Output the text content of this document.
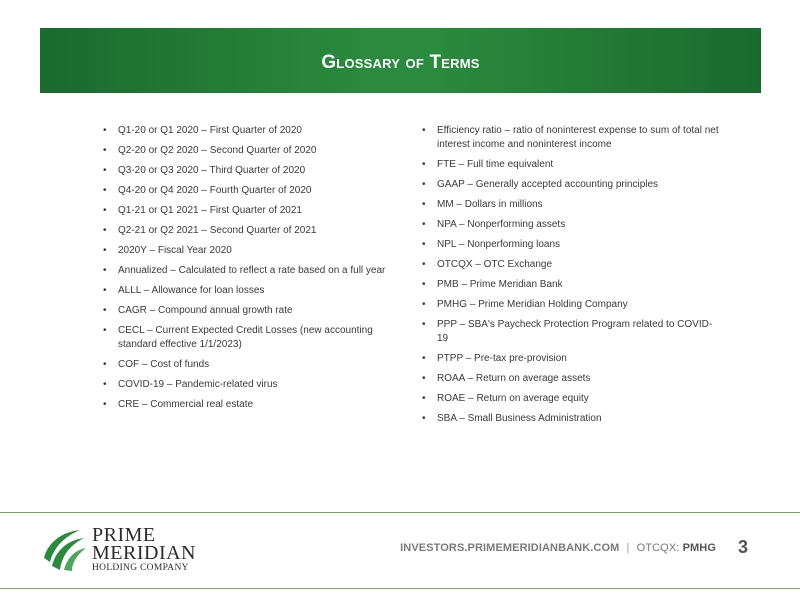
Glossary of Terms
• Q1-20 or Q1 2020 – First Quarter of 2020
• Q2-20 or Q2 2020 – Second Quarter of 2020
• Q3-20 or Q3 2020 – Third Quarter of 2020
• Q4-20 or Q4 2020 – Fourth Quarter of 2020
• Q1-21 or Q1 2021 – First Quarter of 2021
• Q2-21 or Q2 2021 – Second Quarter of 2021
• 2020Y – Fiscal Year 2020
• Annualized – Calculated to reflect a rate based on a full year
• ALLL – Allowance for loan losses
• CAGR – Compound annual growth rate
• CECL – Current Expected Credit Losses (new accounting standard effective 1/1/2023)
• COF – Cost of funds
• COVID-19 – Pandemic-related virus
• CRE – Commercial real estate
• Efficiency ratio – ratio of noninterest expense to sum of total net interest income and noninterest income
• FTE – Full time equivalent
• GAAP – Generally accepted accounting principles
• MM – Dollars in millions
• NPA – Nonperforming assets
• NPL – Nonperforming loans
• OTCQX – OTC Exchange
• PMB – Prime Meridian Bank
• PMHG – Prime Meridian Holding Company
• PPP – SBA's Paycheck Protection Program related to COVID-19
• PTPP – Pre-tax pre-provision
• ROAA – Return on average assets
• ROAE – Return on average equity
• SBA – Small Business Administration
PRIME
MERIDIAN
HOLDING COMPANY
INVESTORS.PRIMEMERIDIANBANK.COM | OTCQX: PMHG 3
